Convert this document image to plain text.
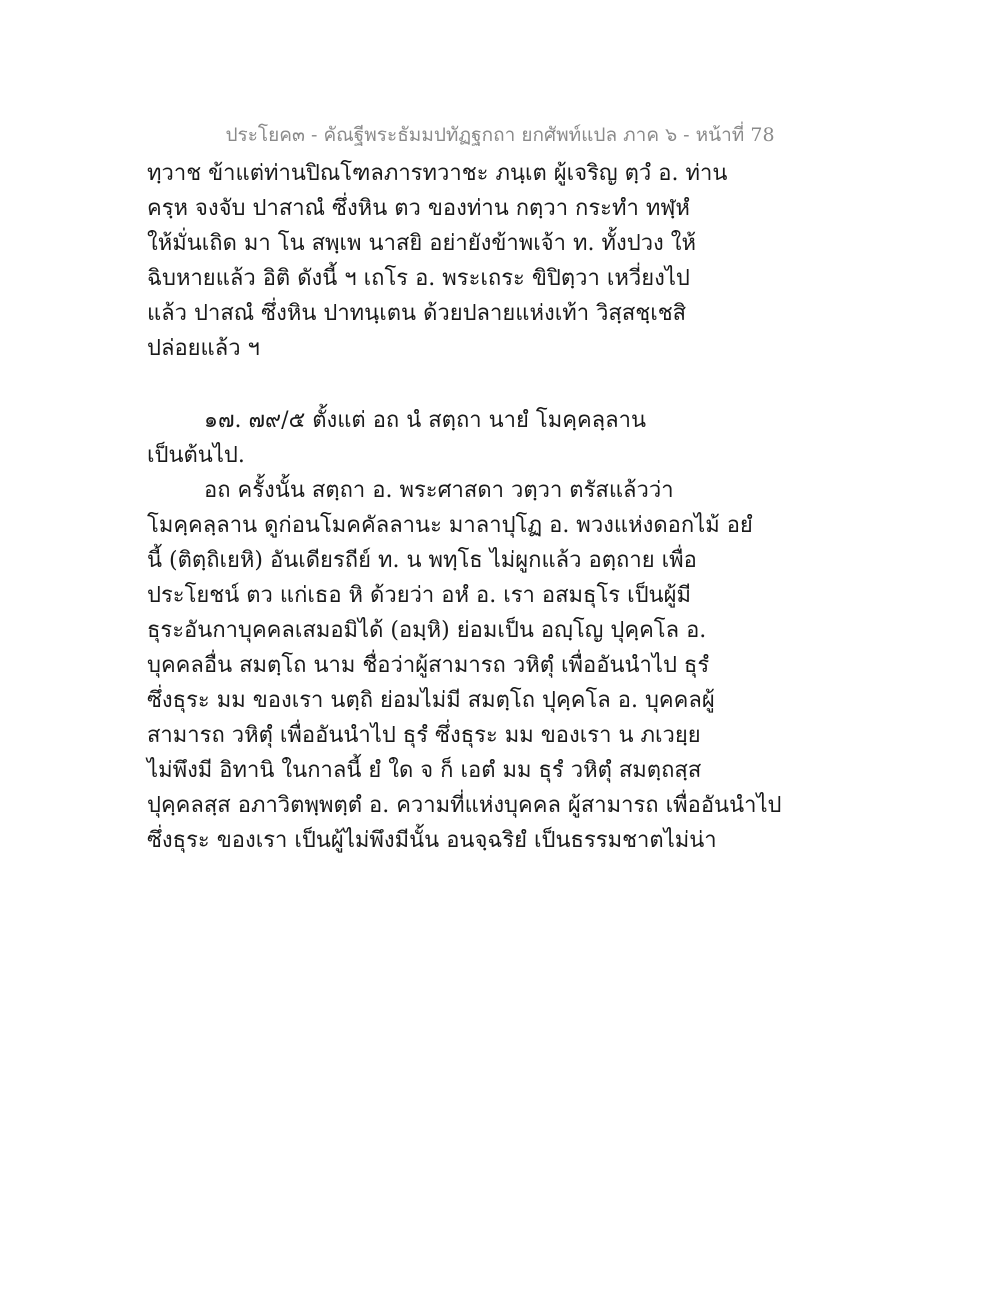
ประโยค๓ - คัณฐีพระธัมมปทัฏฐกถา ยกศัพท์แปล ภาค ๖ - หน้าที่ 78
ทฺวาช ข้าแต่ท่านปิณโฑลภารทวาชะ ภนฺเต ผู้เจริญ ตฺวํ อ. ท่าน
ครฺห จงจับ ปาสาณํ ซึ่งหิน ตว ของท่าน กตฺวา กระทำ ทฬฺหํ
ให้มั่นเถิด มา โน สพฺเพ นาสยิ อย่ายังข้าพเจ้า ท. ทั้งปวง ให้
ฉิบหายแล้ว อิติ ดังนี้ ฯ เถโร อ. พระเถระ ขิปิตฺวา เหวี่ยงไป
แล้ว ปาสณํ ซึ่งหิน ปาทนฺเตน ด้วยปลายแห่งเท้า วิสฺสชฺเชสิ
ปล่อยแล้ว ฯ
๑๗. ๗๙/๕ ตั้งแต่ อถ นํ สตฺถา นายํ โมคฺคลฺลาน
เป็นต้นไป.
อถ ครั้งนั้น สตฺถา อ. พระศาสดา วตฺวา ตรัสแล้วว่า
โมคฺคลฺลาน ดูก่อนโมคคัลลานะ มาลาปุโฏ อ. พวงแห่งดอกไม้ อยํ
นี้ (ติตฺถิเยหิ) อันเดียรถีย์ ท. น พทฺโธ ไม่ผูกแล้ว อตฺถาย เพื่อ
ประโยชน์ ตว แก่เธอ หิ ด้วยว่า อหํ อ. เรา อสมธุโร เป็นผู้มี
ธุระอันกาบุคคลเสมอมิได้ (อมฺหิ) ย่อมเป็น อญฺโญ ปุคฺคโล อ.
บุคคลอื่น สมตฺโถ นาม ชื่อว่าผู้สามารถ วหิตุํ เพื่ออันนำไป ธุรํ
ซึ่งธุระ มม ของเรา นตฺถิ ย่อมไม่มี สมตฺโถ ปุคฺคโล อ. บุคคลผู้
สามารถ วหิตุํ เพื่ออันนำไป ธุรํ ซึ่งธุระ มม ของเรา น ภเวยฺย
ไม่พึงมี อิทานิ ในกาลนี้ ยํ ใด จ ก็ เอตํ มม ธุรํ วหิตุํ สมตฺถสฺส
ปุคฺคลสฺส อภาวิตพฺพตฺตํ อ. ความที่แห่งบุคคล ผู้สามารถ เพื่ออันนำไป
ซึ่งธุระ ของเรา เป็นผู้ไม่พึงมีนั้น อนจฺฉริยํ เป็นธรรมชาตไม่น่า
